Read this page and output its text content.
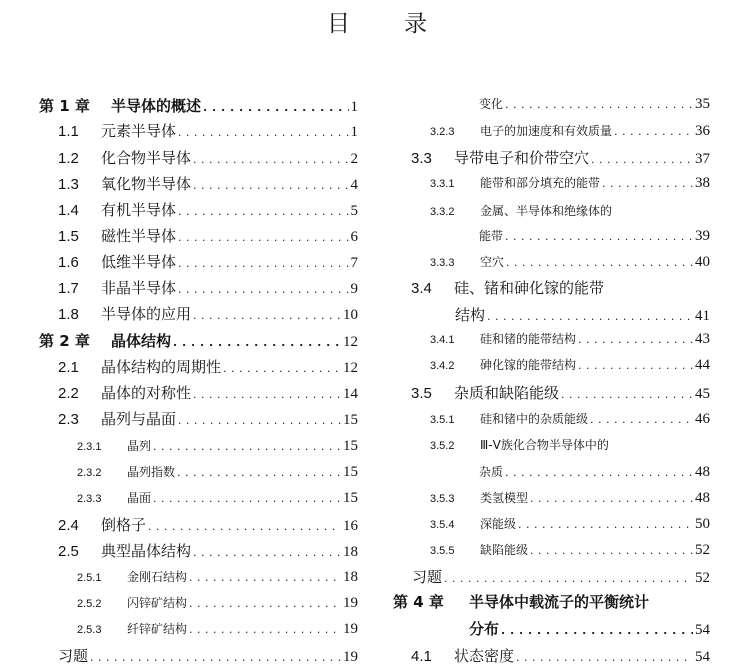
目 录
第 1 章	半导体的概述 . . .	1
1.1	元素半导体 . . .	1
1.2	化合物半导体 . . .	2
1.3	氧化物半导体 . . .	4
1.4	有机半导体 . . .	5
1.5	磁性半导体 . . .	6
1.6	低维半导体 . . .	7
1.7	非晶半导体 . . .	9
1.8	半导体的应用 . . .	10
第 2 章	晶体结构 . . .	12
2.1	晶体结构的周期性 . . .	12
2.2	晶体的对称性 . . .	14
2.3	晶列与晶面 . . .	15
2.3.1	晶列 . . .	15
2.3.2	晶列指数 . . .	15
2.3.3	晶面 . . .	15
2.4	倒格子 . . .	16
2.5	典型晶体结构 . . .	18
2.5.1	金刚石结构 . . .	18
2.5.2	闪锌矿结构 . . .	19
2.5.3	纤锌矿结构 . . .	19
习题 . . .	19
变化 . . .	35
3.2.3	电子的加速度和有效质量 . . .	36
3.3	导带电子和价带空穴 . . .	37
3.3.1	能带和部分填充的能带 . . .	38
3.3.2	金属、半导体和绝缘体的
能带 . . .	39
3.3.3	空穴 . . .	40
3.4	硅、锗和砷化镓的能带
结构 . . .	41
3.4.1	硅和锗的能带结构 . . .	43
3.4.2	砷化镓的能带结构 . . .	44
3.5	杂质和缺陷能级 . . .	45
3.5.1	硅和锗中的杂质能级 . . .	46
3.5.2	Ⅲ-Ⅴ族化合物半导体中的
杂质 . . .	48
3.5.3	类氢模型 . . .	48
3.5.4	深能级 . . .	50
3.5.5	缺陷能级 . . .	52
习题 . . .	52
第 4 章	半导体中载流子的平衡统计
分布 . . .	54
4.1	状态密度 . . .	54
